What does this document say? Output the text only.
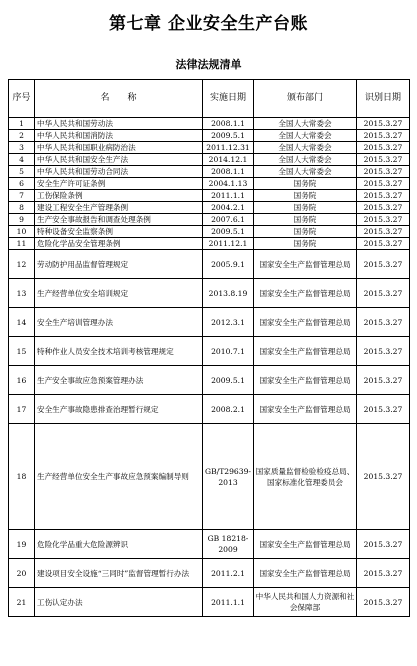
第七章 企业安全生产台账
法律法规清单
序号	名　　称	实施日期	颁布部门	识别日期
1	中华人民共和国劳动法	2008.1.1	全国人大常委会	2015.3.27
2	中华人民共和国消防法	2009.5.1	全国人大常委会	2015.3.27
3	中华人民共和国职业病防治法	2011.12.31	全国人大常委会	2015.3.27
4	中华人民共和国安全生产法	2014.12.1	全国人大常委会	2015.3.27
5	中华人民共和国劳动合同法	2008.1.1	全国人大常委会	2015.3.27
6	安全生产许可证条例	2004.1.13	国务院	2015.3.27
7	工伤保险条例	2011.1.1	国务院	2015.3.27
8	建设工程安全生产管理条例	2004.2.1	国务院	2015.3.27
9	生产安全事故报告和调查处理条例	2007.6.1	国务院	2015.3.27
10	特种设备安全监察条例	2009.5.1	国务院	2015.3.27
11	危险化学品安全管理条例	2011.12.1	国务院	2015.3.27
12	劳动防护用品监督管理规定	2005.9.1	国家安全生产监督管理总局	2015.3.27
13	生产经营单位安全培训规定	2013.8.19	国家安全生产监督管理总局	2015.3.27
14	安全生产培训管理办法	2012.3.1	国家安全生产监督管理总局	2015.3.27
15	特种作业人员安全技术培训考核管理规定	2010.7.1	国家安全生产监督管理总局	2015.3.27
16	生产安全事故应急预案管理办法	2009.5.1	国家安全生产监督管理总局	2015.3.27
17	安全生产事故隐患排查治理暂行规定	2008.2.1	国家安全生产监督管理总局	2015.3.27
18	生产经营单位安全生产事故应急预案编制导则	GB/T29639-2013	国家质量监督检验检疫总局、国家标准化管理委员会	2015.3.27
19	危险化学品重大危险源辨识	GB 18218-2009	国家安全生产监督管理总局	2015.3.27
20	建设项目安全设施“三同时”监督管理暂行办法	2011.2.1	国家安全生产监督管理总局	2015.3.27
21	工伤认定办法	2011.1.1	中华人民共和国人力资源和社会保障部	2015.3.27
